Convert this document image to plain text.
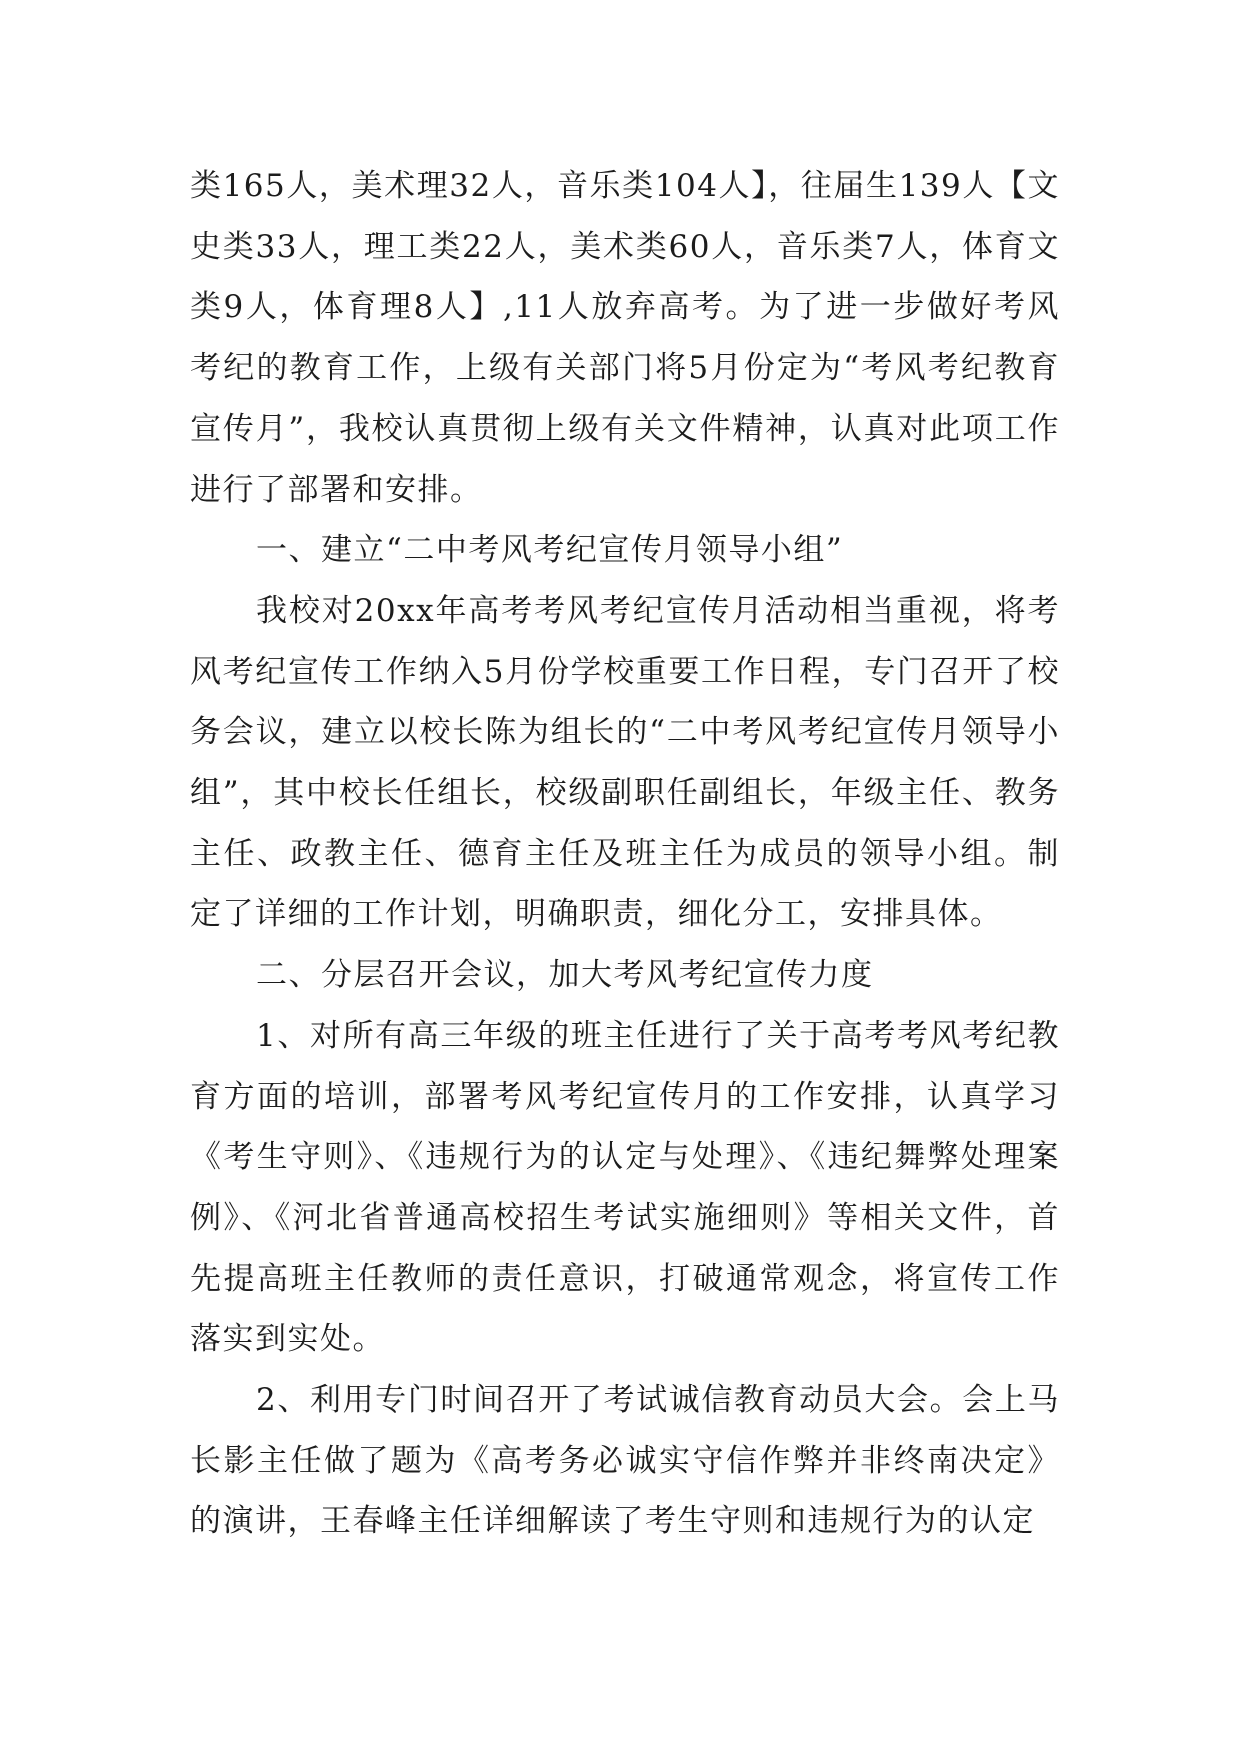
类165人，美术理32人，音乐类104人】，往届生139人【文史类33人，理工类22人，美术类60人，音乐类7人，体育文类9人，体育理8人】,11人放弃高考。为了进一步做好考风考纪的教育工作，上级有关部门将5月份定为“考风考纪教育宣传月”，我校认真贯彻上级有关文件精神，认真对此项工作进行了部署和安排。

一、建立“二中考风考纪宣传月领导小组”

我校对20xx年高考考风考纪宣传月活动相当重视，将考风考纪宣传工作纳入5月份学校重要工作日程，专门召开了校务会议，建立以校长陈为组长的“二中考风考纪宣传月领导小组”，其中校长任组长，校级副职任副组长，年级主任、教务主任、政教主任、德育主任及班主任为成员的领导小组。制定了详细的工作计划，明确职责，细化分工，安排具体。

二、分层召开会议，加大考风考纪宣传力度

1、对所有高三年级的班主任进行了关于高考考风考纪教育方面的培训，部署考风考纪宣传月的工作安排，认真学习《考生守则》、《违规行为的认定与处理》、《违纪舞弊处理案例》、《河北省普通高校招生考试实施细则》等相关文件，首先提高班主任教师的责任意识，打破通常观念，将宣传工作落实到实处。

2、利用专门时间召开了考试诚信教育动员大会。会上马长影主任做了题为《高考务必诚实守信作弊并非终南决定》的演讲，王春峰主任详细解读了考生守则和违规行为的认定
